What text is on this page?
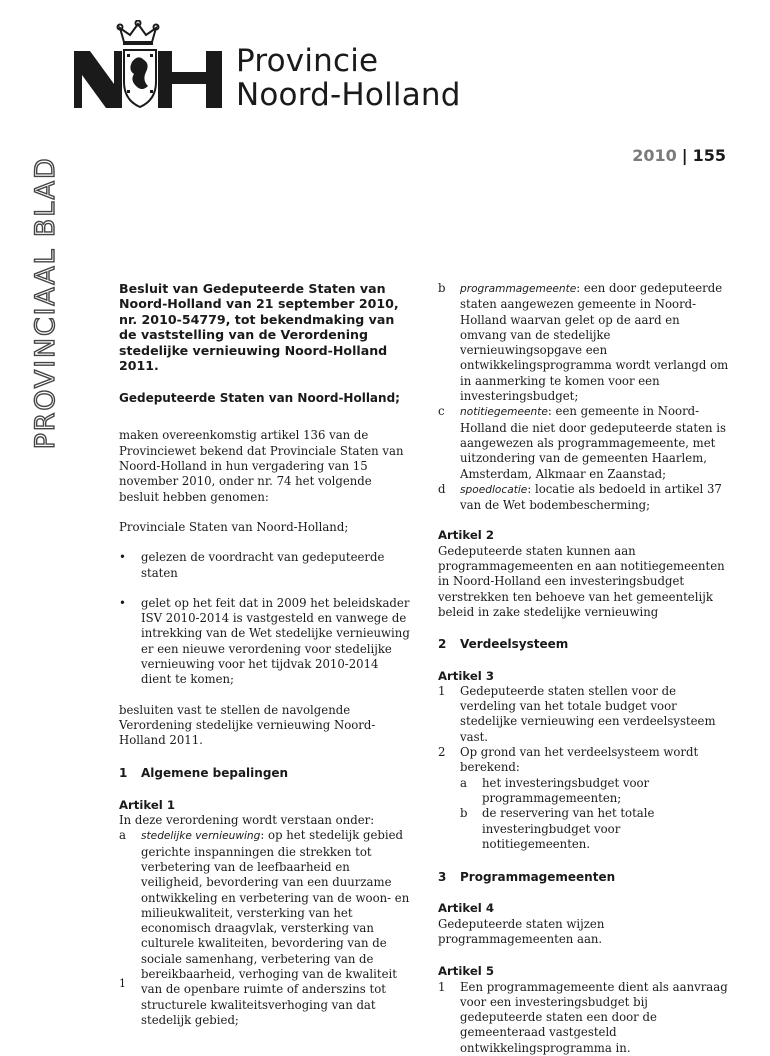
Provincie
Noord-Holland
2010 | 155
PROVINCIAAL BLAD	Besluit van Gedeputeerde Staten van Noord-Holland van 21 september 2010, nr. 2010-54779, tot bekendmaking van de vaststelling van de Verordening stedelijke vernieuwing Noord-Holland 2011.
Gedeputeerde Staten van Noord-Holland;

maken overeenkomstig artikel 136 van de Provinciewet bekend dat Provinciale Staten van Noord-Holland in hun vergadering van 15 november 2010, onder nr. 74 het volgende besluit hebben genomen:

Provinciale Staten van Noord-Holland;

• gelezen de voordracht van gedeputeerde staten
• gelet op het feit dat in 2009 het beleidskader ISV 2010-2014 is vastgesteld en vanwege de intrekking van de Wet stedelijke vernieuwing er een nieuwe verordening voor stedelijke vernieuwing voor het tijdvak 2010-2014 dient te komen;

besluiten vast te stellen de navolgende Verordening stedelijke vernieuwing Noord-Holland 2011.

1	Algemene bepalingen
Artikel 1
In deze verordening wordt verstaan onder:
a stedelijke vernieuwing: op het stedelijk gebied gerichte inspanningen die strekken tot verbetering van de leefbaarheid en veiligheid, bevordering van een duurzame ontwikkeling en verbetering van de woon- en milieukwaliteit, versterking van het economisch draagvlak, versterking van culturele kwaliteiten, bevordering van de sociale samenhang, verbetering van de bereikbaarheid, verhoging van de kwaliteit van de openbare ruimte of anderszins tot structurele kwaliteitsverhoging van dat stedelijk gebied;
b programmagemeente: een door gedeputeerde staten aangewezen gemeente in Noord-Holland waarvan gelet op de aard en omvang van de stedelijke vernieuwingsopgave een ontwikkelingsprogramma wordt verlangd om in aanmerking te komen voor een investeringsbudget;
c notitiegemeente: een gemeente in Noord-Holland die niet door gedeputeerde staten is aangewezen als programmagemeente, met uitzondering van de gemeenten Haarlem, Amsterdam, Alkmaar en Zaanstad;
d spoedlocatie: locatie als bedoeld in artikel 37 van de Wet bodembescherming;
Artikel 2

Gedeputeerde staten kunnen aan programmagemeenten en aan notitiegemeenten in Noord-Holland een investeringsbudget verstrekken ten behoeve van het gemeentelijk beleid in zake stedelijke vernieuwing

2	Verdeelsysteem
Artikel 3
1 Gedeputeerde staten stellen voor de verdeling van het totale budget voor stedelijke vernieuwing een verdeelsysteem vast.
2 Op grond van het verdeelsysteem wordt berekend:
a het investeringsbudget voor programmagemeenten;
b de reservering van het totale investeringbudget voor notitiegemeenten.
3	Programmagemeenten
Artikel 4

Gedeputeerde staten wijzen programmagemeenten aan.

Artikel 5
1 Een programmagemeente dient als aanvraag voor een investeringsbudget bij gedeputeerde staten een door de gemeenteraad vastgesteld ontwikkelingsprogramma in.
1
